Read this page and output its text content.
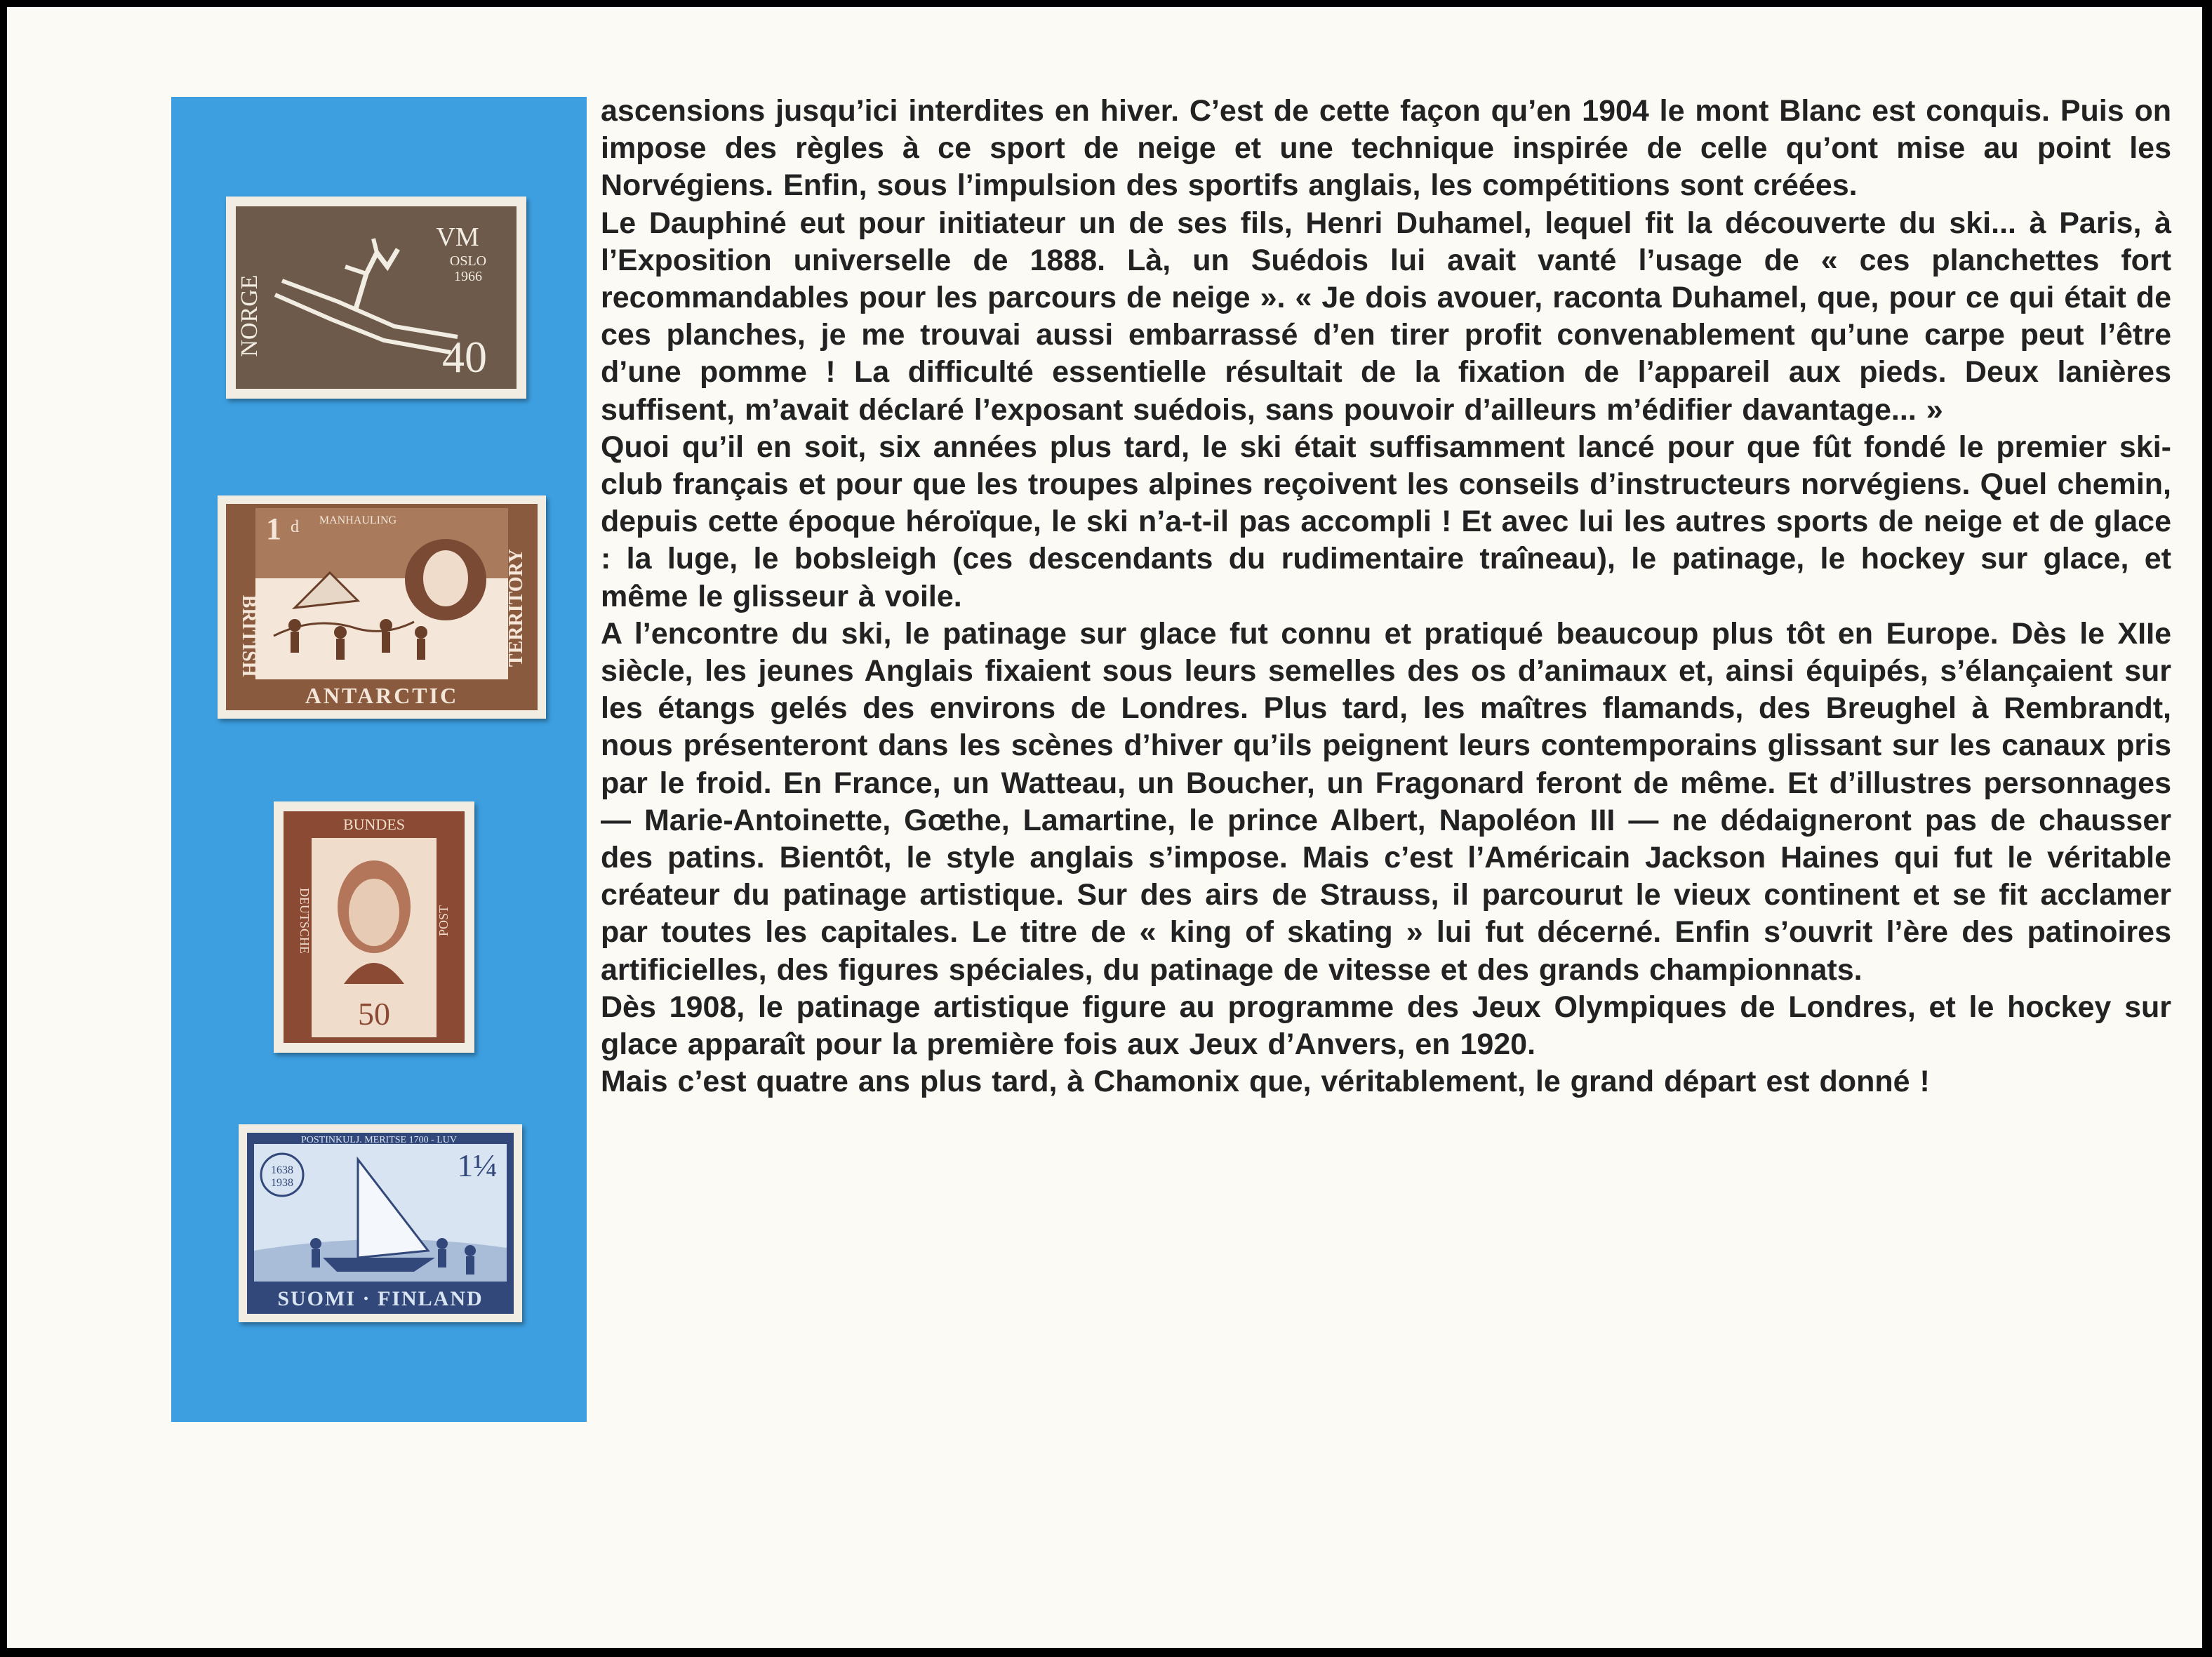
NORGE
VM
OSLO
1966
40
1 d MANHAULING
BRITISH	TERRITORY
ANTARCTIC
BUNDES
DEUTSCHE	POST
50
POSTINKULJ. MERITSE 1700 - LUV
1638
1938	1¼
SUOMI · FINLAND

ascensions jusqu’ici interdites en hiver. C’est de cette façon qu’en 1904 le mont Blanc est conquis. Puis on impose des règles à ce sport de neige et une technique inspirée de celle qu’ont mise au point les Norvégiens. Enfin, sous l’impulsion des sportifs anglais, les compétitions sont créées.

Le Dauphiné eut pour initiateur un de ses fils, Henri Duhamel, lequel fit la découverte du ski... à Paris, à l’Exposition universelle de 1888. Là, un Suédois lui avait vanté l’usage de « ces planchettes fort recommandables pour les parcours de neige ». « Je dois avouer, raconta Duhamel, que, pour ce qui était de ces planches, je me trouvai aussi embarrassé d’en tirer profit convenablement qu’une carpe peut l’être d’une pomme ! La difficulté essentielle résultait de la fixation de l’appareil aux pieds. Deux lanières suffisent, m’avait déclaré l’exposant suédois, sans pouvoir d’ailleurs m’édifier davantage... »

Quoi qu’il en soit, six années plus tard, le ski était suffisamment lancé pour que fût fondé le premier ski-club français et pour que les troupes alpines reçoivent les conseils d’instructeurs norvégiens. Quel chemin, depuis cette époque héroïque, le ski n’a-t-il pas accompli ! Et avec lui les autres sports de neige et de glace : la luge, le bobsleigh (ces descendants du rudimentaire traîneau), le patinage, le hockey sur glace, et même le glisseur à voile.

A l’encontre du ski, le patinage sur glace fut connu et pratiqué beaucoup plus tôt en Europe. Dès le XIIe siècle, les jeunes Anglais fixaient sous leurs semelles des os d’animaux et, ainsi équipés, s’élançaient sur les étangs gelés des environs de Londres. Plus tard, les maîtres flamands, des Breughel à Rembrandt, nous présenteront dans les scènes d’hiver qu’ils peignent leurs contemporains glissant sur les canaux pris par le froid. En France, un Watteau, un Boucher, un Fragonard feront de même. Et d’illustres personnages — Marie-Antoinette, Gœthe, Lamartine, le prince Albert, Napoléon III — ne dédaigneront pas de chausser des patins. Bientôt, le style anglais s’impose. Mais c’est l’Américain Jackson Haines qui fut le véritable créateur du patinage artistique. Sur des airs de Strauss, il parcourut le vieux continent et se fit acclamer par toutes les capitales. Le titre de « king of skating » lui fut décerné. Enfin s’ouvrit l’ère des patinoires artificielles, des figures spéciales, du patinage de vitesse et des grands championnats.

Dès 1908, le patinage artistique figure au programme des Jeux Olympiques de Londres, et le hockey sur glace apparaît pour la première fois aux Jeux d’Anvers, en 1920.

Mais c’est quatre ans plus tard, à Chamonix que, véritablement, le grand départ est donné !
